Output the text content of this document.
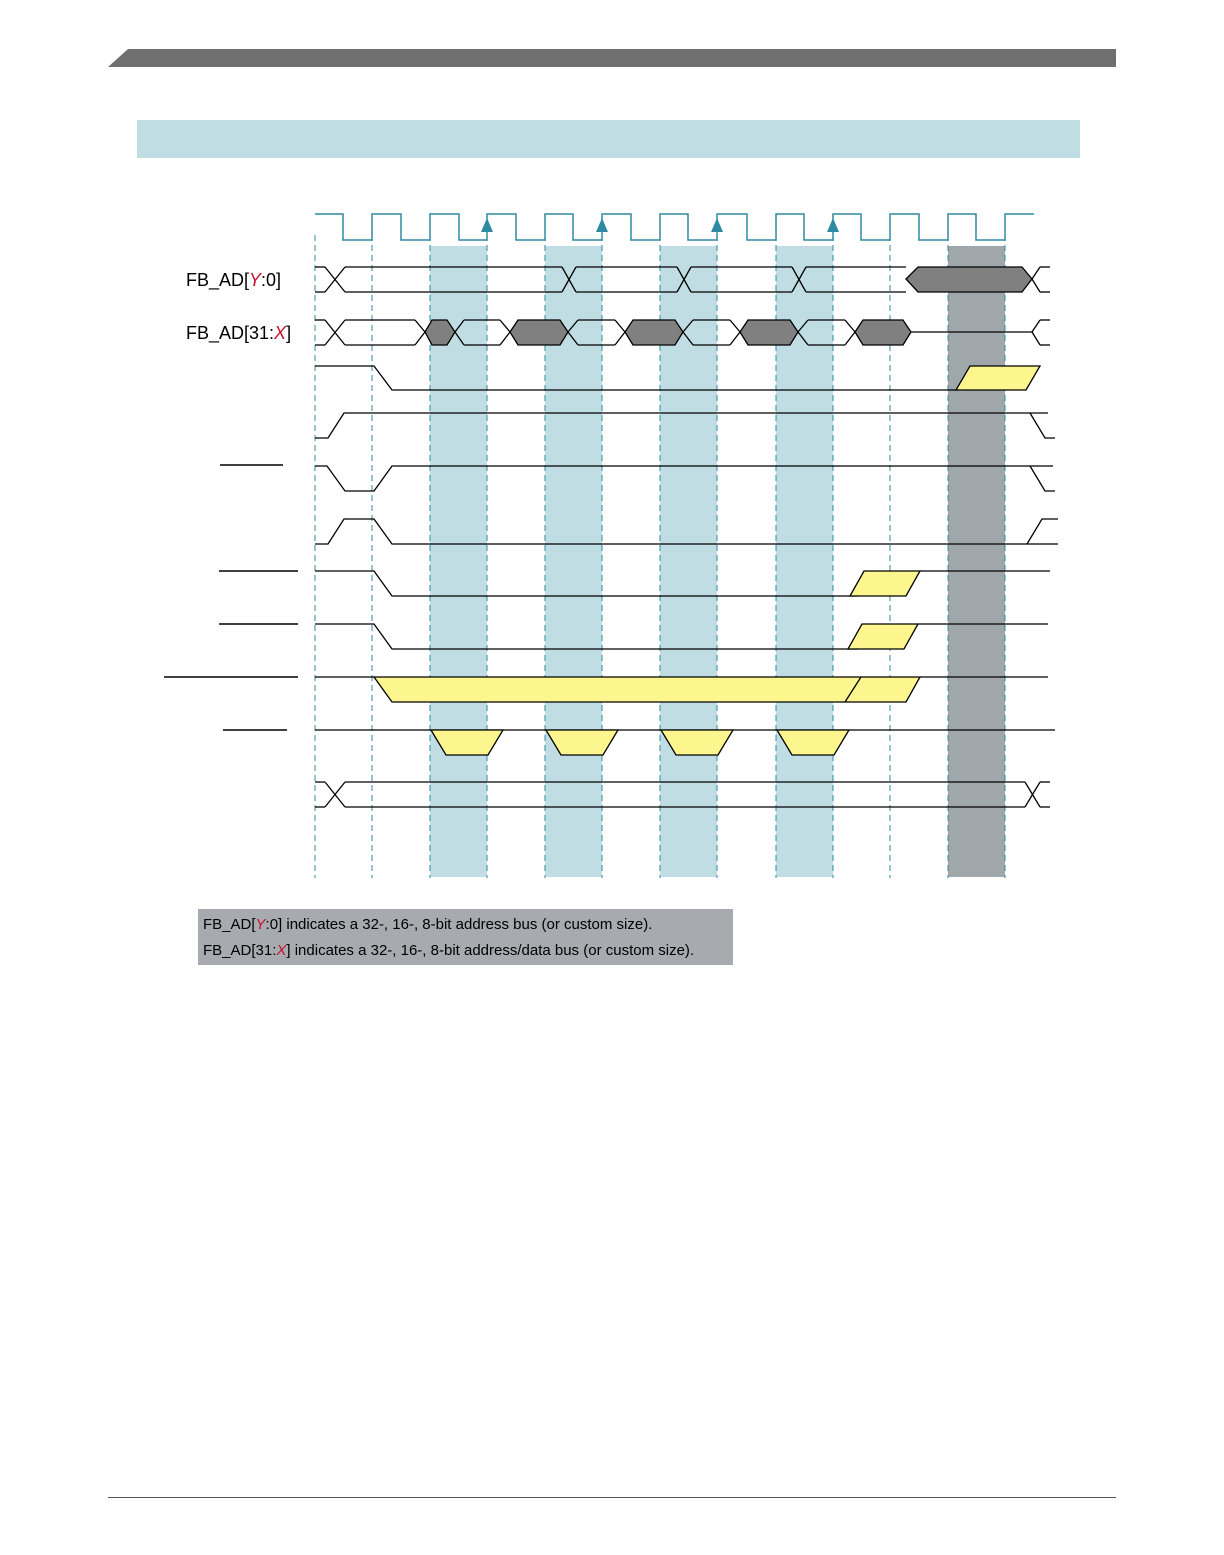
FB_AD[Y:0]
FB_AD[31:X]
FB_AD[Y:0] indicates a 32-, 16-, 8-bit address bus (or custom size).
FB_AD[31:X] indicates a 32-, 16-, 8-bit address/data bus (or custom size).
